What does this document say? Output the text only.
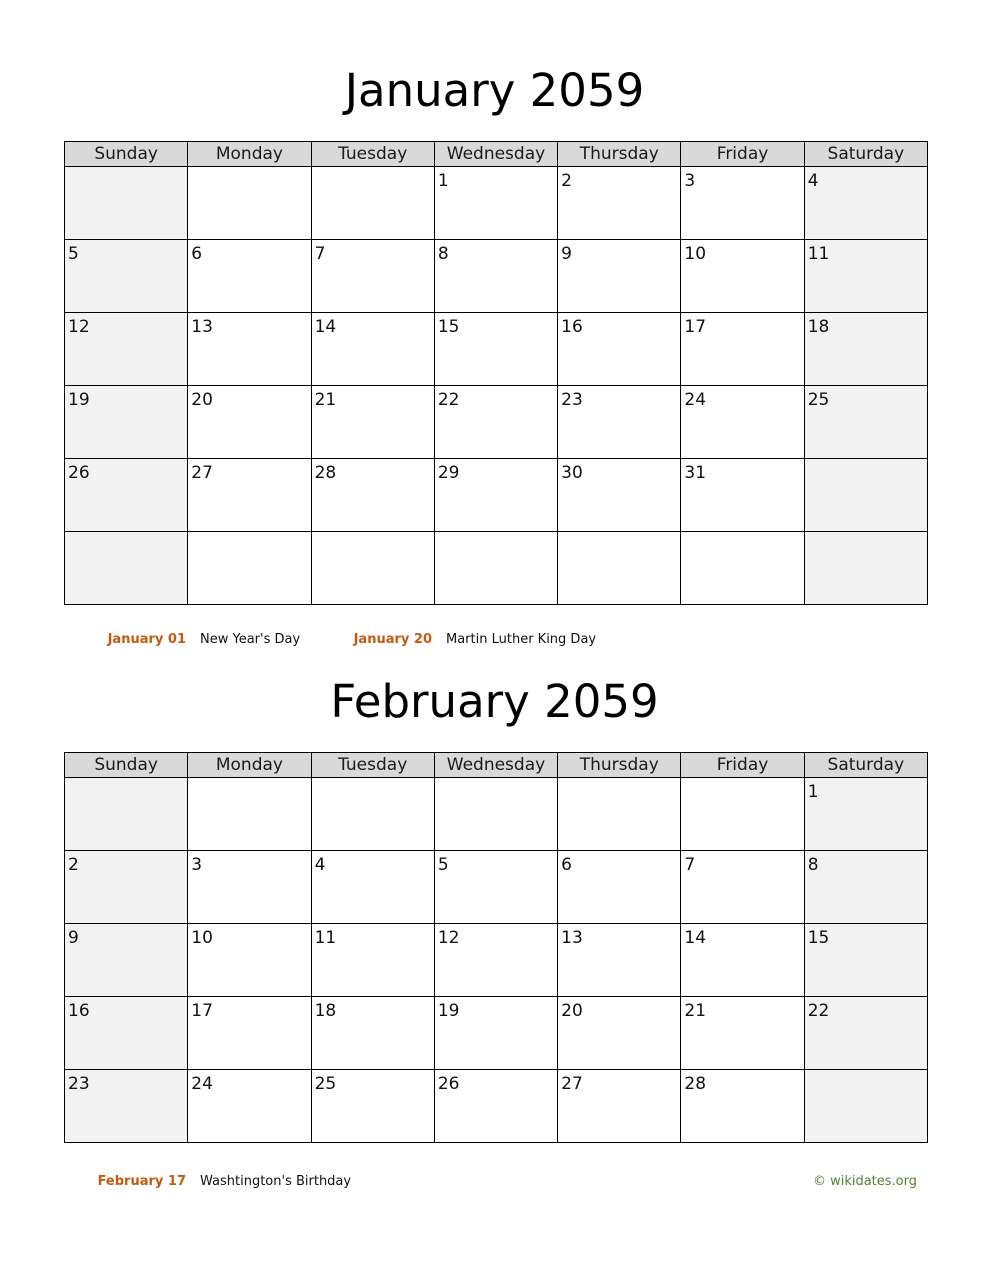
January 2059
Sunday	Monday	Tuesday	Wednesday	Thursday	Friday	Saturday

			1	2	3	4

5	6	7	8	9	10	11

12	13	14	15	16	17	18

19	20	21	22	23	24	25

26	27	28	29	30	31	

January 01 New Year's Day	January 20 Martin Luther King Day
February 2059
Sunday	Monday	Tuesday	Wednesday	Thursday	Friday	Saturday

						1

2	3	4	5	6	7	8

9	10	11	12	13	14	15

16	17	18	19	20	21	22

23	24	25	26	27	28	

February 17 Washtington's Birthday	© wikidates.org
